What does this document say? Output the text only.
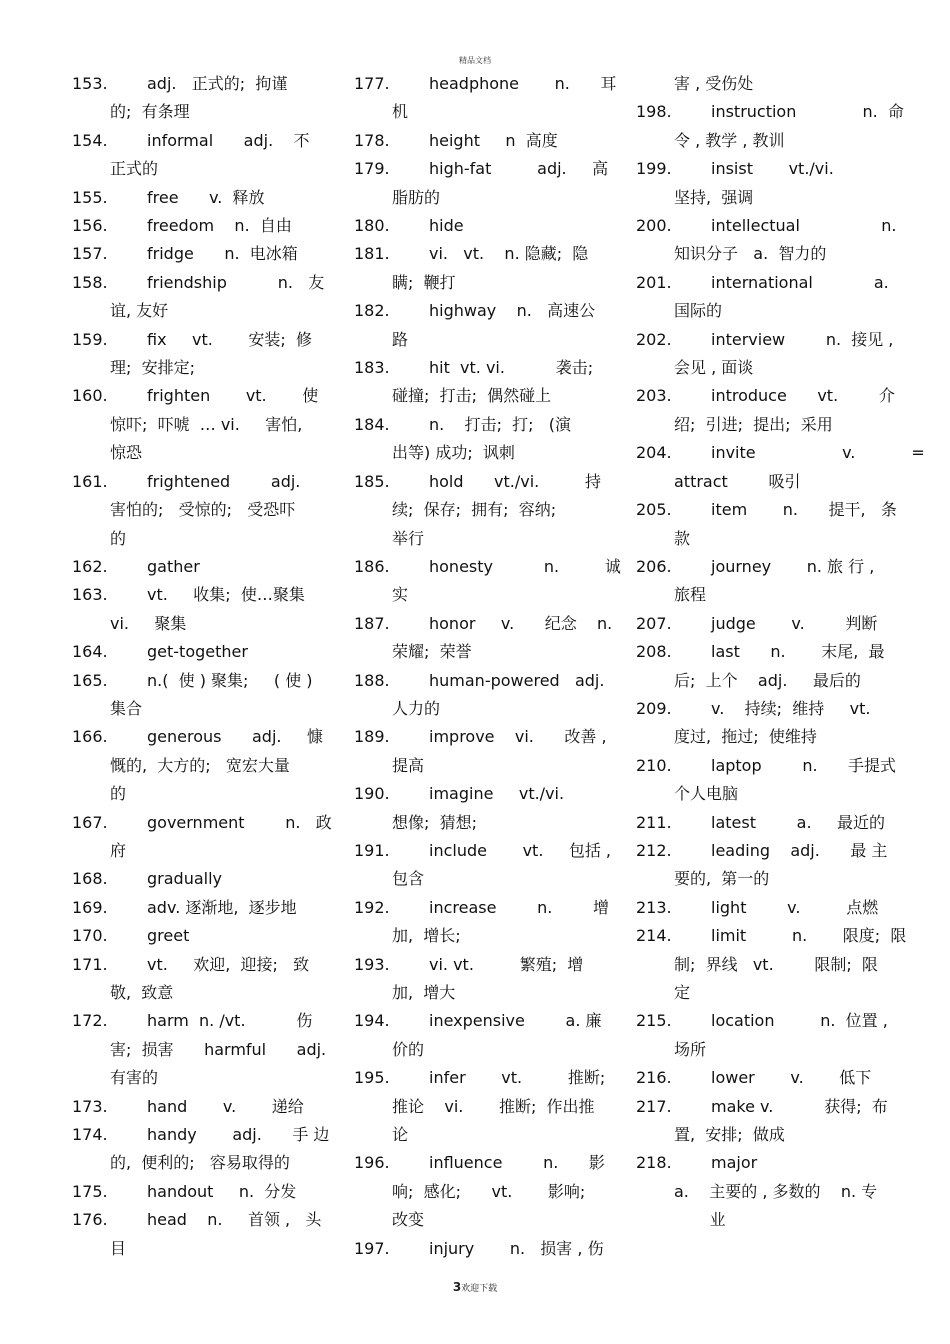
精品文档
153.	adj.   正式的;  拘谨
的;  有条理
154.	informal      adj.    不
正式的
155.	free      v.  释放
156.	freedom    n.  自由
157.	fridge      n.  电冰箱
158.	friendship          n.   友
谊, 友好
159.	fix     vt.       安装;  修
理;  安排定;
160.	frighten       vt.       使
惊吓;  吓唬  … vi.     害怕,
惊恐
161.	frightened        adj.
害怕的;   受惊的;   受恐吓
的
162.	gather
163.	vt.     收集;  使…聚集
vi.     聚集
164.	get-together
165.	n.(  使 ) 聚集;     ( 使 )
集合
166.	generous      adj.     慷
慨的,  大方的;   宽宏大量
的
167.	government        n.   政
府
168.	gradually
169.	adv. 逐渐地,  逐步地
170.	greet
171.	vt.     欢迎,  迎接;   致
敬,  致意
172.	harm  n. /vt.          伤
害;  损害      harmful      adj.
有害的
173.	hand       v.       递给
174.	handy       adj.      手 边
的,  便利的;   容易取得的
175.	handout     n.  分发
176.	head    n.     首领 ,   头
目
177.	headphone       n.      耳
机
178.	height     n  高度
179.	high-fat         adj.     高
脂肪的
180.	hide
181.	vi.   vt.    n. 隐藏;  隐
瞒;  鞭打
182.	highway    n.   高速公
路
183.	hit  vt. vi.          袭击;
碰撞;  打击;  偶然碰上
184.	n.    打击;  打;   (演
出等) 成功;  讽刺
185.	hold      vt./vi.         持
续;  保存;  拥有;  容纳;
举行
186.	honesty          n.         诚
实
187.	honor     v.      纪念    n.
荣耀;  荣誉
188.	human-powered   adj.
人力的
189.	improve    vi.      改善 ,
提高
190.	imagine     vt./vi.
想像;  猜想;
191.	include       vt.     包括 ,
包含
192.	increase        n.        增
加,  增长;
193.	vi. vt.         繁殖;  增
加,  增大
194.	inexpensive        a. 廉
价的
195.	infer       vt.         推断;
推论    vi.       推断;  作出推
论
196.	influence        n.      影
响;  感化;      vt.       影响;
改变
197.	injury       n.   损害 , 伤
害 , 受伤处
198.	instruction             n.  命
令 , 教学 , 教训
199.	insist       vt./vi.
坚持,  强调
200.	intellectual                n.
知识分子   a.  智力的
201.	international            a.
国际的
202.	interview        n.  接见 ,
会见 , 面谈
203.	introduce      vt.        介
绍;  引进;  提出;  采用
204.	invite                 v.           =
attract        吸引
205.	item       n.      提干,   条
款
206.	journey       n. 旅 行 ,
旅程
207.	judge       v.        判断
208.	last      n.       末尾,  最
后;  上个    adj.     最后的
209.	v.    持续;  维持     vt.
度过,  拖过;  使维持
210.	laptop        n.      手提式
个人电脑
211.	latest        a.     最近的
212.	leading    adj.      最 主
要的,  第一的
213.	light        v.         点燃
214.	limit         n.       限度;  限
制;  界线   vt.        限制;  限
定
215.	location         n.  位置 ,
场所
216.	lower       v.       低下
217.	make v.          获得;  布
置,  安排;  做成
218.	major
a.    主要的 , 多数的    n. 专
业
3欢迎下载
